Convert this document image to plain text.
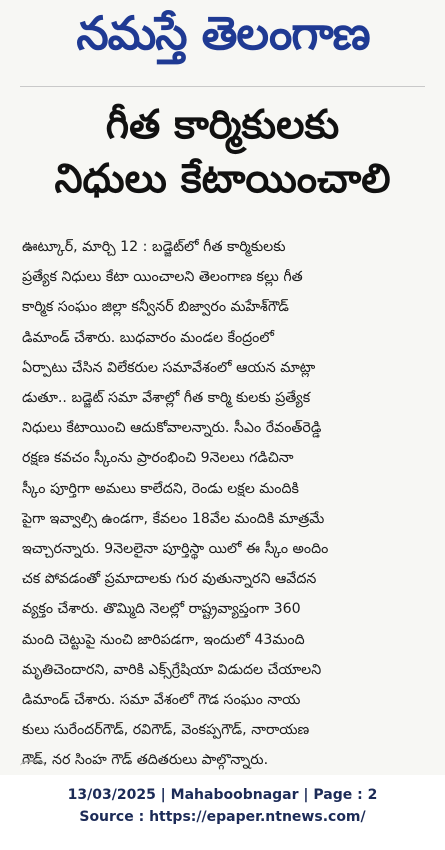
నమస్తే తెలంగాణ
గీత కార్మికులకు
నిధులు కేటాయించాలి
ఊట్కూర్, మార్చి 12 : బడ్జెట్‌లో గీత కార్మికులకు
ప్రత్యేక నిధులు కేటా యించాలని తెలంగాణ కల్లు గీత
కార్మిక సంఘం జిల్లా కన్వీనర్ బిజ్వారం మహేశ్‌గౌడ్
డిమాండ్ చేశారు. బుధవారం మండల కేంద్రంలో
ఏర్పాటు చేసిన విలేకరుల సమావేశంలో ఆయన మాట్లా
డుతూ.. బడ్జెట్ సమా వేశాల్లో గీత కార్మి కులకు ప్రత్యేక
నిధులు కేటాయించి ఆదుకోవాలన్నారు. సీఎం రేవంత్‌రెడ్డి
రక్షణ కవచం స్కీంను ప్రారంభించి 9నెలలు గడిచినా
స్కీం పూర్తిగా అమలు కాలేదని, రెండు లక్షల మందికి
పైగా ఇవ్వాల్సి ఉండగా, కేవలం 18వేల మందికి మాత్రమే
ఇచ్చారన్నారు. 9నెలలైనా పూర్తిస్థా యిలో ఈ స్కీం అందిం
చక పోవడంతో ప్రమాదాలకు గుర వుతున్నారని ఆవేదన
వ్యక్తం చేశారు. తొమ్మిది నెలల్లో రాష్ట్రవ్యాప్తంగా 360
మంది చెట్టుపై నుంచి జారిపడగా, ఇందులో 43మంది
మృతిచెందారని, వారికి ఎక్స్‌గ్రేషియా విడుదల చేయాలని
డిమాండ్ చేశారు. సమా వేశంలో గౌడ సంఘం నాయ
కులు సురేందర్‌గౌడ్, రవిగౌడ్, వెంకప్పగౌడ్, నారాయణ
గౌడ్, నర సింహ గౌడ్ తదితరులు పాల్గొన్నారు.
13/03/2025 | Mahaboobnagar | Page : 2
Source : https://epaper.ntnews.com/
